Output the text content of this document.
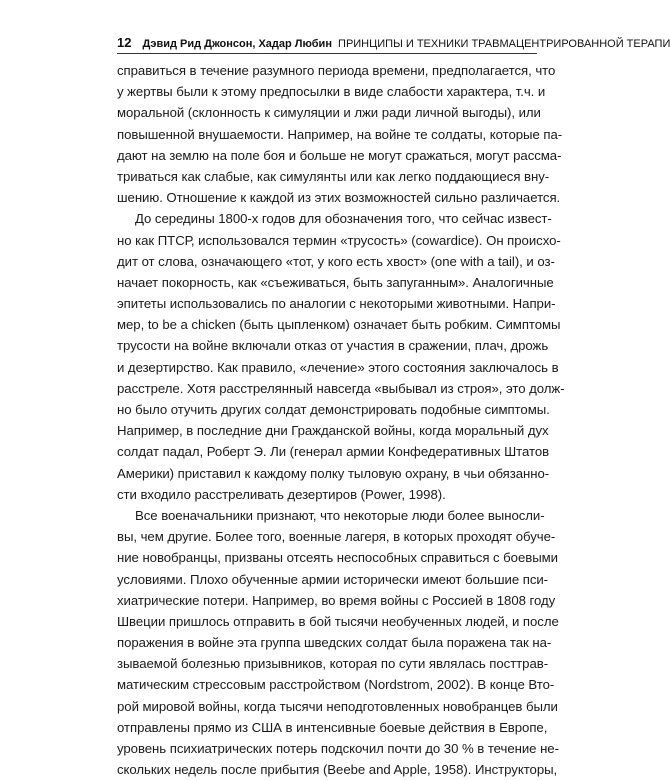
12 Дэвид Рид Джонсон, Хадар Любин ПРИНЦИПЫ И ТЕХНИКИ ТРАВМАЦЕНТРИРОВАННОЙ ТЕРАПИ
справиться в течение разумного периода времени, предполагается, что
у жертвы были к этому предпосылки в виде слабости характера, т.ч. и
моральной (склонность к симуляции и лжи ради личной выгоды), или
повышенной внушаемости. Например, на войне те солдаты, которые па-
дают на землю на поле боя и больше не могут сражаться, могут рассма-
триваться как слабые, как симулянты или как легко поддающиеся вну-
шению. Отношение к каждой из этих возможностей сильно различается.
До середины 1800-х годов для обозначения того, что сейчас извест-
но как ПТСР, использовался термин «трусость» (cowardice). Он происхо-
дит от слова, означающего «тот, у кого есть хвост» (one with a tail), и оз-
начает покорность, как «съеживаться, быть запуганным». Аналогичные
эпитеты использовались по аналогии с некоторыми животными. Напри-
мер, to be a chicken (быть цыпленком) означает быть робким. Симптомы
трусости на войне включали отказ от участия в сражении, плач, дрожь
и дезертирство. Как правило, «лечение» этого состояния заключалось в
расстреле. Хотя расстрелянный навсегда «выбывал из строя», это долж-
но было отучить других солдат демонстрировать подобные симптомы.
Например, в последние дни Гражданской войны, когда моральный дух
солдат падал, Роберт Э. Ли (генерал армии Конфедеративных Штатов
Америки) приставил к каждому полку тыловую охрану, в чьи обязанно-
сти входило расстреливать дезертиров (Power, 1998).
Все военачальники признают, что некоторые люди более выносли-
вы, чем другие. Более того, военные лагеря, в которых проходят обуче-
ние новобранцы, призваны отсеять неспособных справиться с боевыми
условиями. Плохо обученные армии исторически имеют большие пси-
хиатрические потери. Например, во время войны с Россией в 1808 году
Швеции пришлось отправить в бой тысячи необученных людей, и после
поражения в войне эта группа шведских солдат была поражена так на-
зываемой болезнью призывников, которая по сути являлась посттрав-
матическим стрессовым расстройством (Nordstrom, 2002). В конце Вто-
рой мировой войны, когда тысячи неподготовленных новобранцев были
отправлены прямо из США в интенсивные боевые действия в Европе,
уровень психиатрических потерь подскочил почти до 30 % в течение не-
скольких недель после прибытия (Beebe and Apple, 1958). Инструкторы,
